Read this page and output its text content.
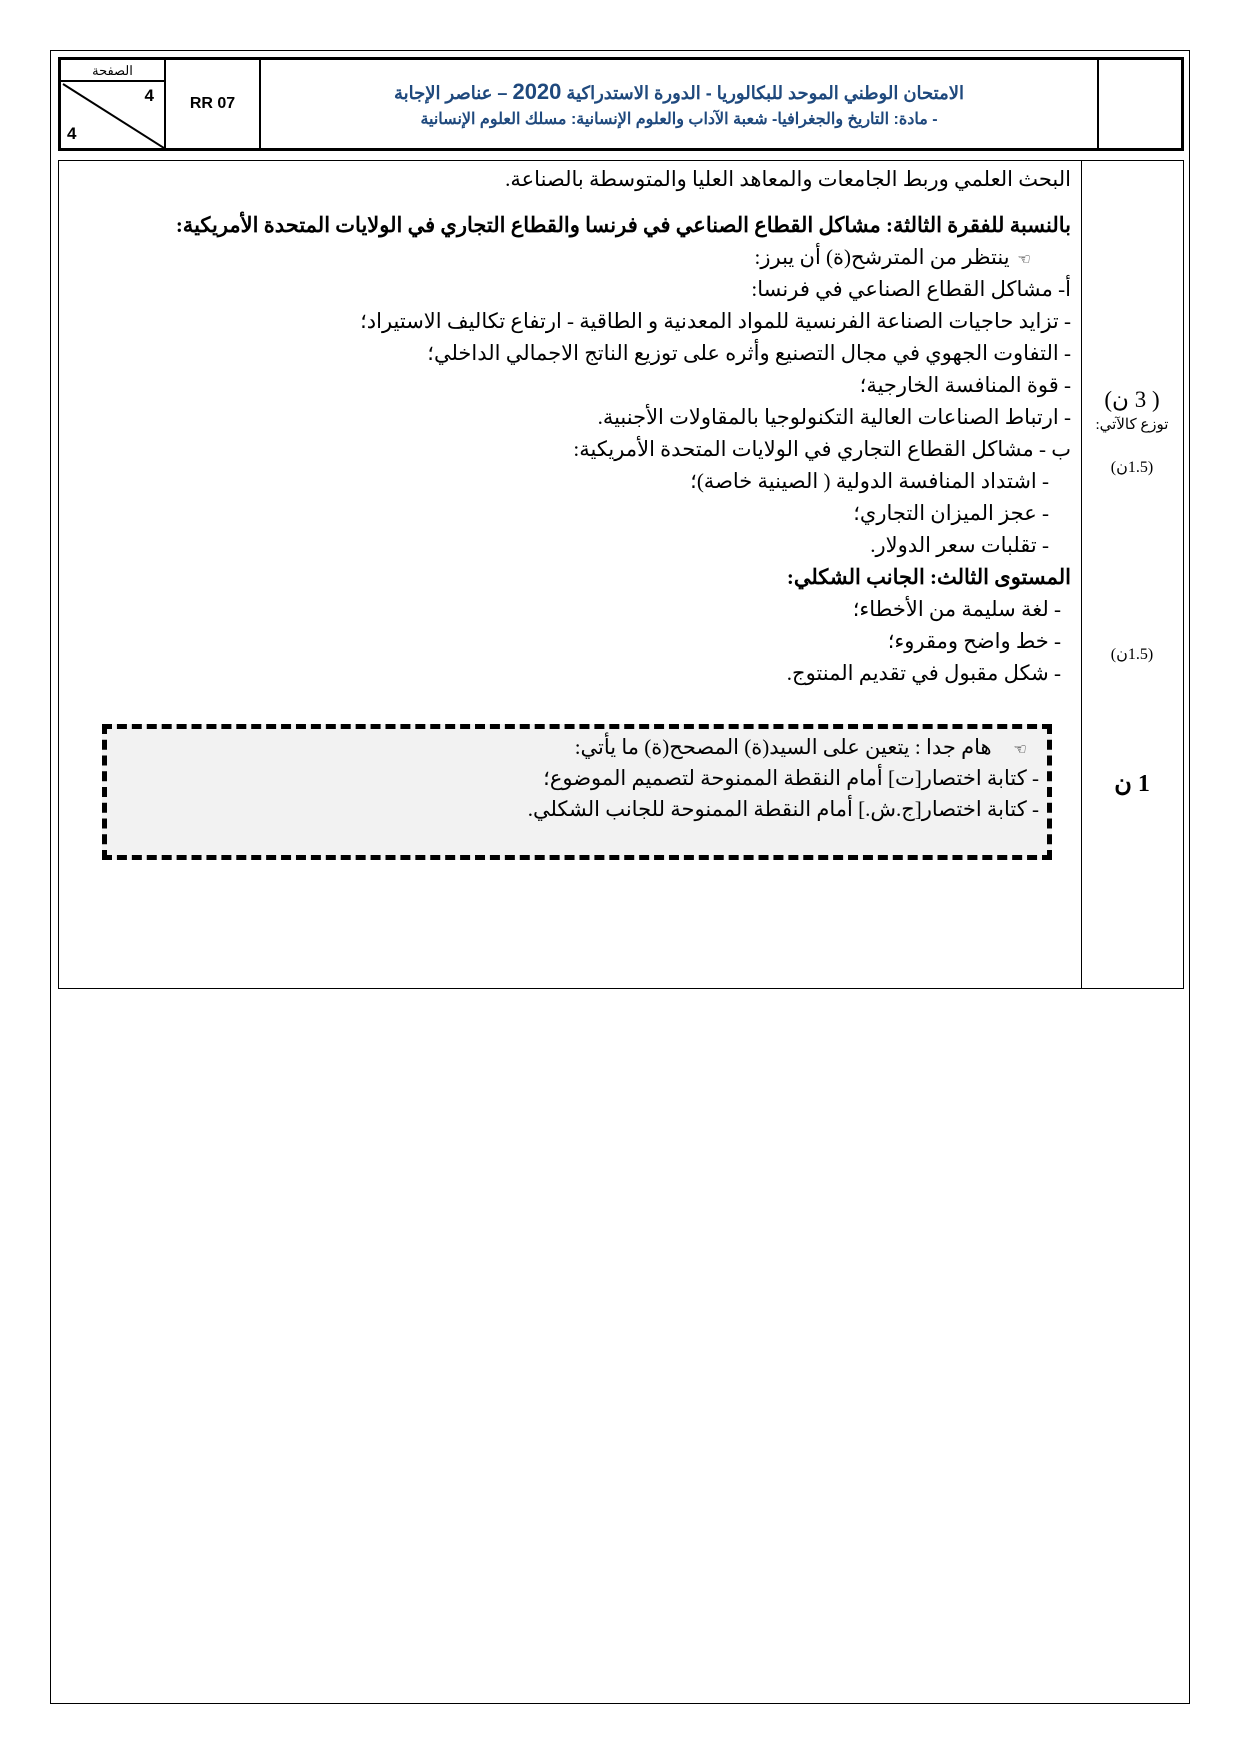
الصفحة
4
4
RR 07
الامتحان الوطني الموحد للبكالوريا - الدورة الاستدراكية 2020 – عناصر الإجابة
- مادة: التاريخ والجغرافيا- شعبة الآداب والعلوم الإنسانية: مسلك العلوم الإنسانية
البحث العلمي وربط الجامعات والمعاهد العليا والمتوسطة بالصناعة.
بالنسبة للفقرة الثالثة: مشاكل القطاع الصناعي في فرنسا والقطاع التجاري في الولايات المتحدة الأمريكية:
☜ينتظر من المترشح(ة) أن يبرز:
أ- مشاكل القطاع الصناعي في فرنسا:
- تزايد حاجيات الصناعة الفرنسية للمواد المعدنية و الطاقية - ارتفاع تكاليف الاستيراد؛
- التفاوت الجهوي في مجال التصنيع وأثره على توزيع الناتج الاجمالي الداخلي؛
- قوة المنافسة الخارجية؛
- ارتباط الصناعات العالية التكنولوجيا بالمقاولات الأجنبية.
ب - مشاكل القطاع التجاري في الولايات المتحدة الأمريكية:
- اشتداد المنافسة الدولية ( الصينية خاصة)؛
- عجز الميزان التجاري؛
- تقلبات سعر الدولار.
المستوى الثالث: الجانب الشكلي:
- لغة سليمة من الأخطاء؛
- خط واضح ومقروء؛
- شكل مقبول في تقديم المنتوج.
☜هام جدا : يتعين على السيد(ة) المصحح(ة) ما يأتي:
- كتابة اختصار[ت] أمام النقطة الممنوحة لتصميم الموضوع؛
- كتابة اختصار[ج.ش.] أمام النقطة الممنوحة للجانب الشكلي.
( 3 ن)
توزع كالآتي:
(1.5ن)
(1.5ن)
1 ن
